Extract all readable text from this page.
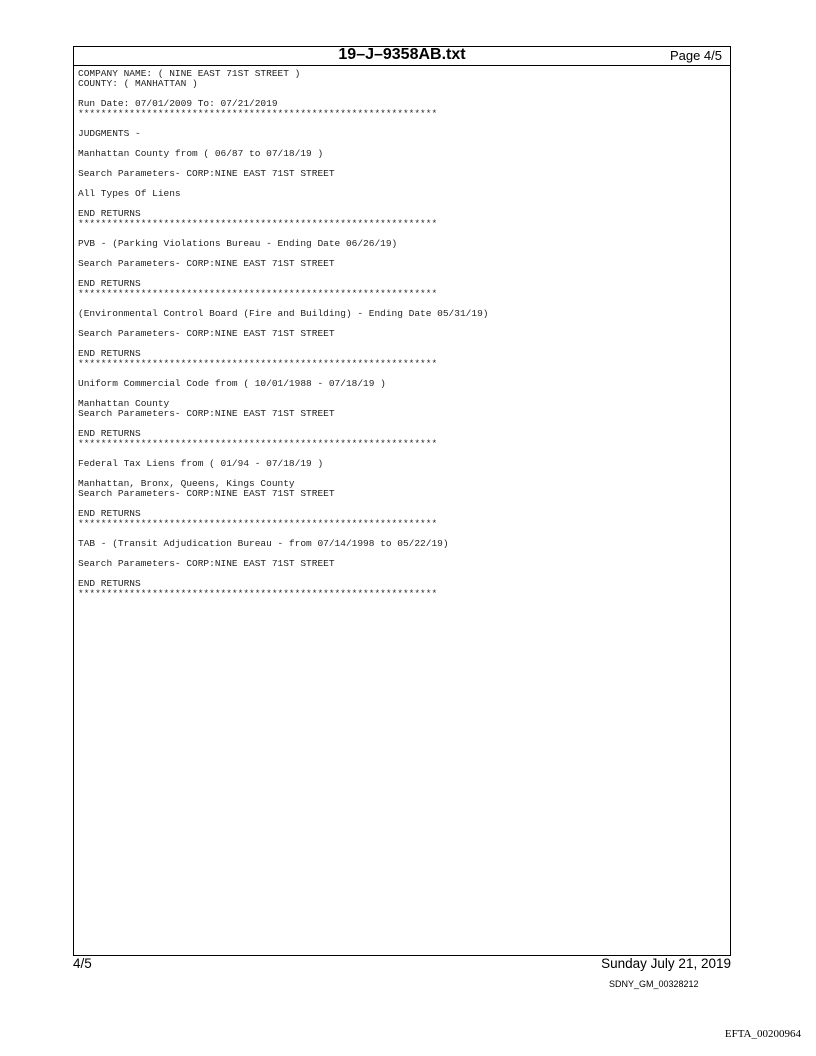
19–J–9358AB.txt	Page 4/5
COMPANY NAME: ( NINE EAST 71ST STREET )
COUNTY: ( MANHATTAN )
Run Date: 07/01/2009 To: 07/21/2019
***************************************************************
JUDGMENTS -
Manhattan County from ( 06/87 to 07/18/19 )
Search Parameters- CORP:NINE EAST 71ST STREET
All Types Of Liens
END RETURNS
***************************************************************
PVB - (Parking Violations Bureau - Ending Date 06/26/19)
Search Parameters- CORP:NINE EAST 71ST STREET
END RETURNS
***************************************************************
(Environmental Control Board (Fire and Building) - Ending Date 05/31/19)
Search Parameters- CORP:NINE EAST 71ST STREET
END RETURNS
***************************************************************
Uniform Commercial Code from ( 10/01/1988 - 07/18/19 )
Manhattan County
Search Parameters- CORP:NINE EAST 71ST STREET
END RETURNS
***************************************************************
Federal Tax Liens from ( 01/94 - 07/18/19 )
Manhattan, Bronx, Queens, Kings County
Search Parameters- CORP:NINE EAST 71ST STREET
END RETURNS
***************************************************************
TAB - (Transit Adjudication Bureau - from 07/14/1998 to 05/22/19)
Search Parameters- CORP:NINE EAST 71ST STREET
END RETURNS
***************************************************************
4/5	Sunday July 21, 2019
SDNY_GM_00328212
EFTA_00200964
